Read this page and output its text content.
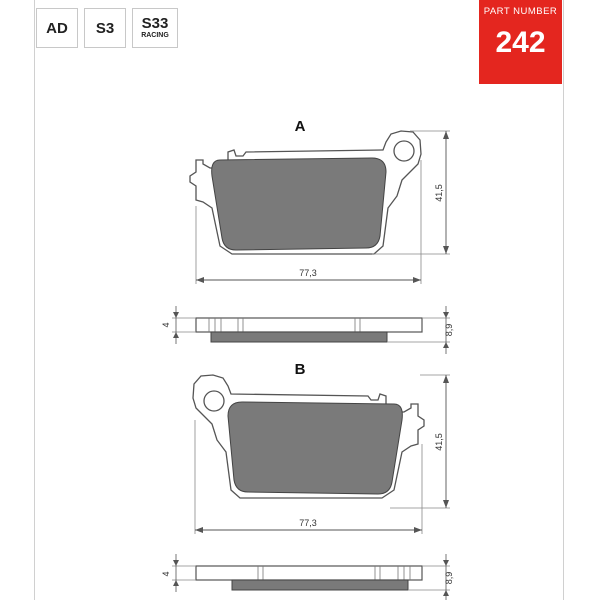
AD S3 S33
RACING
PART NUMBER
242
A
41,5
77,3
4	8,9
B
41,5
77,3
4	8,9
